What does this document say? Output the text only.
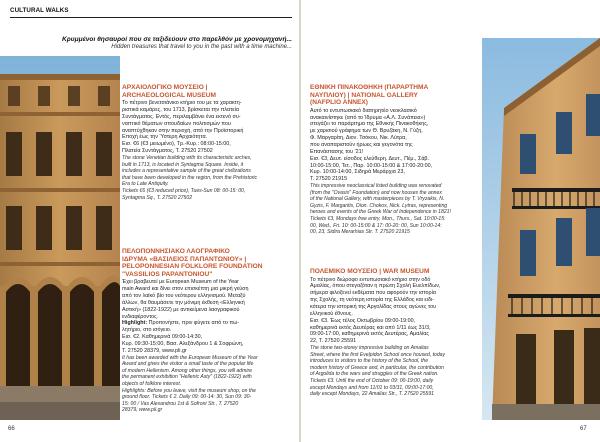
CULTURAL WALKS
Κρυμμένοι θησαυροί που σε ταξιδεύουν στο παρελθόν με χρονομηχανή...
Hidden treasures that travel to you in the past with a time machine...
ΑΡΧΑΙΟΛΟΓΙΚΟ ΜΟΥΣΕΙΟ |
ARCHAEOLOGICAL MUSEUM
Το πέτρινο βενετσιάνικο κτήριο του με τα χαρακτη-
ριστικά καμάρες, του 1713, βρίσκεται την πλατεία
Συντάγματος. Εντός, περιλαμβάνει ένα εκτενό συ-
ναπτικό θέματων σπουδαίων πολιτισμών που
αναπτύχθηκαν στην περιοχή, από την Προϊστορική
Εποχή έως την Ύστερη Αρχαιότητα.
Εισ. €6 (€3 μειωμένο), Τρ.-Κυρ.: 08:00-15:00,
Πλατεία Συντάγματος, Τ. 27520 27502
The stone Venetian building with its characteristic arches,
built in 1713, is located in Syntagma Square. Inside, it
includes a representative sample of the great civilizations
that have been developed in the region, from the Prehistoric
Era to Late Antiquity.
Tickets €6 (€3 reduced price), Tues-Sun 08: 00-15: 00,
Syntagma Sq., T. 27520 27502
ΠΕΛΟΠΟΝΝΗΣΙΑΚΟ ΛΑΟΓΡΑΦΙΚΟ
ΙΔΡΥΜΑ «ΒΑΣΙΛΕΙΟΣ ΠΑΠΑΝΤΩΝΙΟΥ» |
PELOPONNESIAN FOLKLORE FOUNDATION
"VASSILIOS PAPANTONIOU"
Έχει βραβευτεί με European Museum of the Year
main Award και δίνει στον επισκέπτη μια μικρή γεύση
από τον λαϊκό βίο του νεότερου ελληνισμού. Μεταξύ
άλλων, θα θαυμάσετε την μόνιμη έκθεση «Ελληνική
Αστική» (1822-1922) με αντικείμενα λαογραφικού
ενδιαφέροντος.
Highlight: Προπονήστε, πριν φύγετε από το πω-
λητήριο, στο ισόγειο.
Εισ. €2. Καθημερινά 09:00-14:30,
Κυρ. 09:30-15:00, Βασ. Αλεξάνδρου 1 & Σοφρώνη,
Τ. 27520 28379, www.pli.gr
It has been awarded with the European Museum of the Year
Award and gives the visitor a small taste of the popular life
of modern Hellenism. Among other things, you will admire
the permanent exhibition "Hellenic Asty" (1822-1922) with
objects of folklore interest.
Highlights: Before you leave, visit the museum shop, on the
ground floor. Tickets € 2. Daily 09: 00-14: 30, Sun 09: 30-
15: 00 / Vas Alexandrou 1st & Sofroni Str., T. 27520
28379, www.pli.gr
66
ΕΘΝΙΚΗ ΠΙΝΑΚΟΘΗΚΗ (ΠΑΡΑΡΤΗΜΑ
ΝΑΥΠΛΙΟΥ) | NATIONAL GALLERY
(NAFPLIO ANNEX)
Αυτό το εντυπωσιακό διατηρητέο νεοκλασικό
ανακαινίστηκε (από το Ίδρυμα «Α.Λ. Συνάπεια»)
στεγάζει το παράρτημα της Εθνικής Πινακοθήκης,
με χαρισιού γράφημα των Θ. Βρυζάκη, Ν. Γύζη,
Φ. Μαργαρίτη, Διον. Τσόκου, Νικ. Λύτρα,
που αναπαριστούν ήρωες και γεγονότα της
Επανάστασης του '21!
Εισ. €3, Δευτ. είσοδος ελεύθερη. Δευτ., Πέμ., Σάβ.
10:00-15:00, Τετ., Παρ. 10:00-15:00 & 17:00-20:00,
Κυρ. 10:00-14:00, Σιδηρά Μεράρχια 23,
Τ. 27520 21915
This impressive neoclassical listed building was renovated
(from the "Ovasis" Foundation) and now houses the annex
of the National Gallery, with masterpieces by T. Vryzakis, N.
Gyzis, F. Margaritis, Dion. Chokos, Nick. Lytras, representing
heroes and events of the Greek War of Independence in 1821!
Tickets €3, Mondays free entry. Mon., Thurs., Sat. 10:00-15:
00, Wed., Fri. 10: 00-15:00 & 17: 00-20: 00, Sun 10:00-14:
00, 23, Sidira Merarhias Str. T. 27520 21915
ΠΟΛΕΜΙΚΟ ΜΟΥΣΕΙΟ | WAR MUSEUM
Το πέτρινο διώροφο εντυπωσιακό κτήριο στην οδό
Αμαλίας, όπου στεγαζόταν η πρώτη Σχολή Ευελπίδων,
σήμερα φιλοξενεί εκθέματα που αφορούν την ιστορία
της Σχολής, τη νεότερη ιστορία της Ελλάδος και ειδι-
κότερα την ιστορική της Αργολίδας στους αγώνες του
ελληνικού έθνους.
Εισ. €3. Έως τέλος Οκτωβρίου 09:00-19:00,
καθημερινά εκτός Δευτέρας και από 1/11 έως 31/3,
09:00-17:00, καθημερινά εκτός Δευτέρας, Αμαλίας
22, Τ. 27520 25591
The stone two-storey impressive building on Amalias
Street, where the first Evelpidon School once housed, today
introduces to visitors to the history of the School, the
modern history of Greece and, in particular, the contribution
of Argolida to the wars and struggles of the Greek nation.
Tickets €3. Until the end of October 09: 00-19:00, daily
except Mondays and from 11/01 to 03/31, 09:00-17:00,
daily except Mondays, 22 Amalias Str., T. 27520 25591
67
